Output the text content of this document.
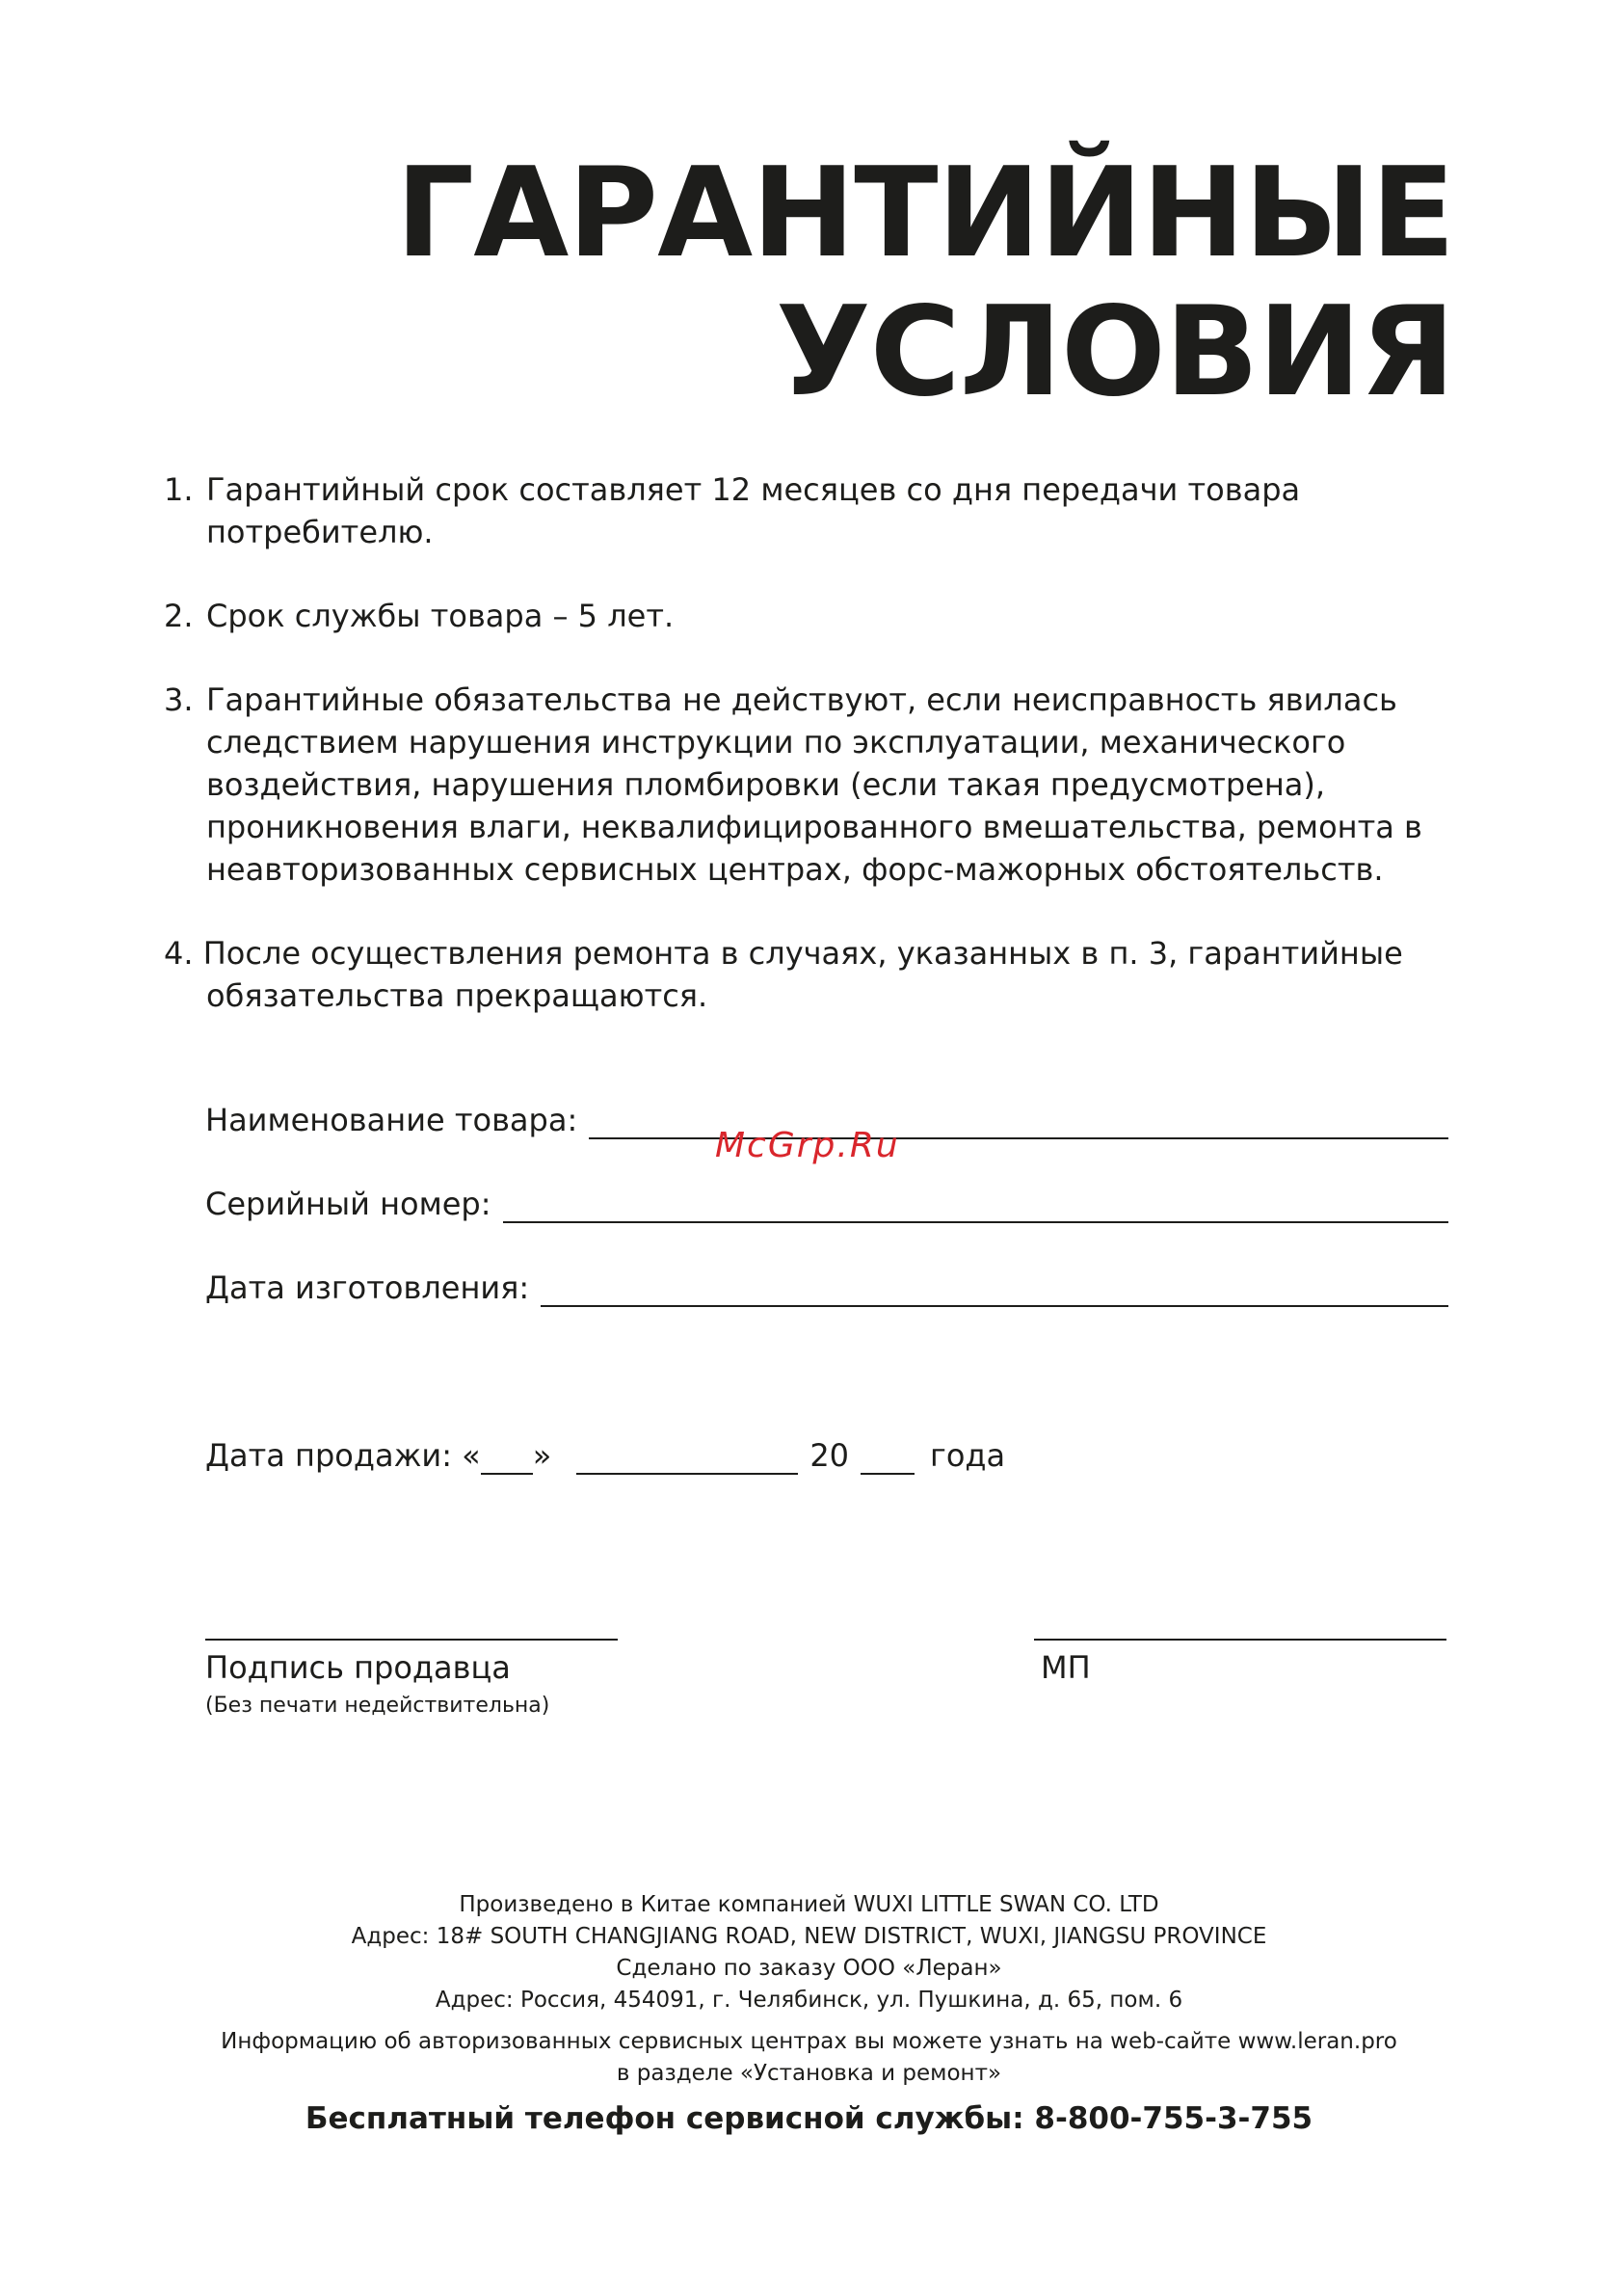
ГАРАНТИЙНЫЕ
УСЛОВИЯ
1. Гарантийный срок составляет 12 месяцев со дня передачи товара потребителю.
2. Срок службы товара – 5 лет.
3. Гарантийные обязательства не действуют, если неисправность явилась следствием нарушения инструкции по эксплуатации, механического воздействия, нарушения пломбировки (если такая предусмотрена), проникновения влаги, неквалифицированного вмешательства, ремонта в неавторизованных сервисных центрах, форс-мажорных обстоятельств.
4. После осуществления ремонта в случаях, указанных в п. 3, гарантийные обязательства прекращаются.
Наименование товара:
Серийный номер:
Дата изготовления:
McGrp.Ru
Дата продажи: « »	20	года
Подпись продавца
(Без печати недействительна)
МП

Произведено в Китае компанией WUXI LITTLE SWAN CO. LTD

Адрес: 18# SOUTH CHANGJIANG ROAD, NEW DISTRICT, WUXI, JIANGSU PROVINCE

Сделано по заказу ООО «Леран»

Адрес: Россия, 454091, г. Челябинск, ул. Пушкина, д. 65, пом. 6

Информацию об авторизованных сервисных центрах вы можете узнать на web-сайте www.leran.pro

в разделе «Установка и ремонт»

Бесплатный телефон сервисной службы: 8-800-755-3-755
